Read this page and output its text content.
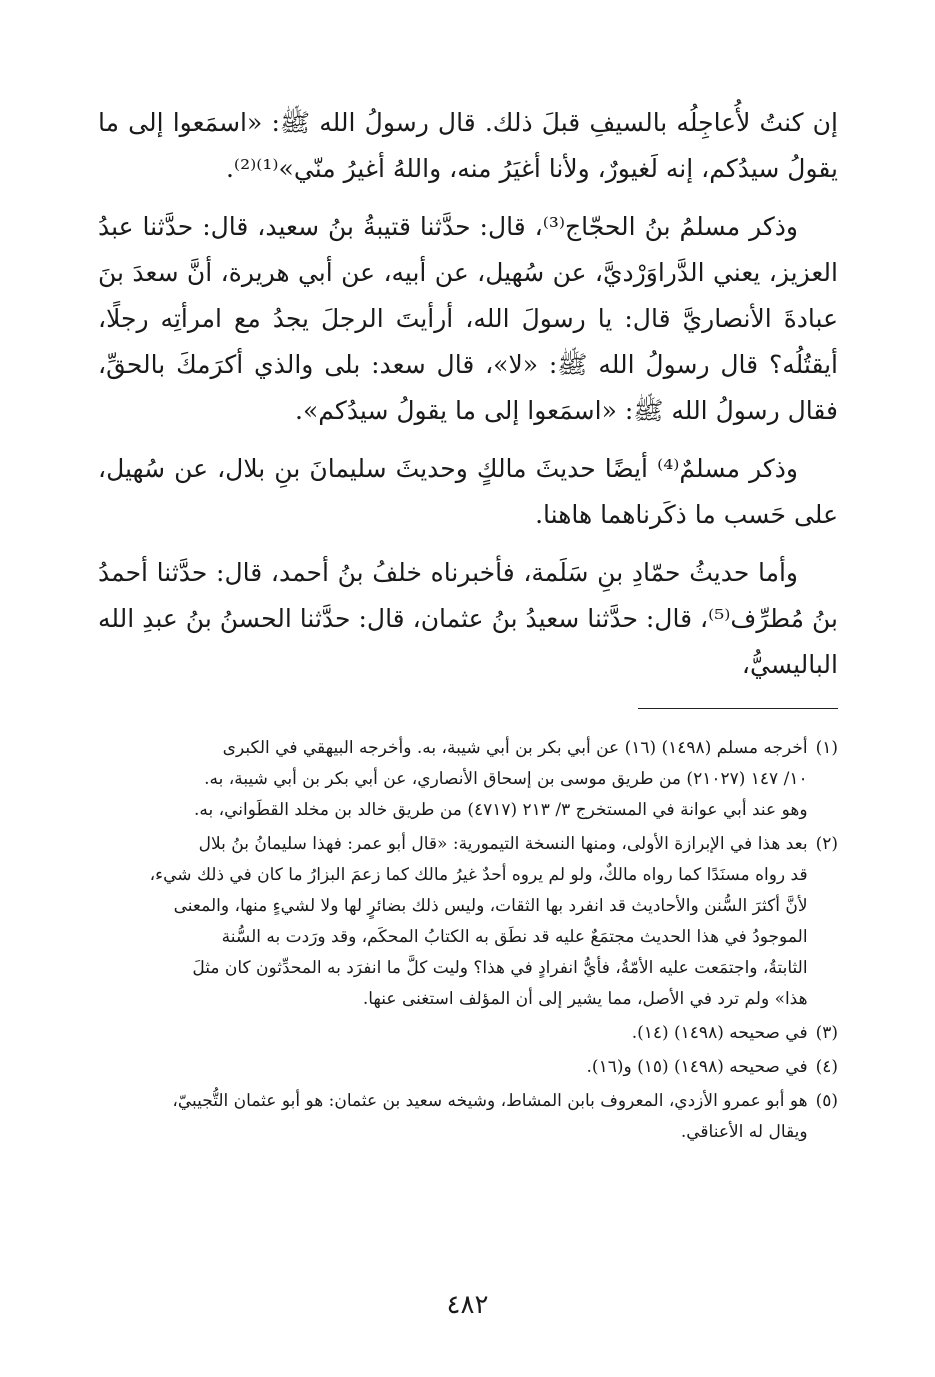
إن كنتُ لأُعاجِلُه بالسيفِ قبلَ ذلك. قال رسولُ الله ﷺ: «اسمَعوا إلى ما يقولُ سيدُكم، إنه لَغيورٌ، ولأنا أغيَرُ منه، واللهُ أغيرُ منّي»⁽¹⁾⁽²⁾.

وذكر مسلمُ بنُ الحجّاج⁽³⁾، قال: حدَّثنا قتيبةُ بنُ سعيد، قال: حدَّثنا عبدُ العزيز، يعني الدَّراوَرْديَّ، عن سُهيل، عن أبيه، عن أبي هريرة، أنَّ سعدَ بنَ عبادةَ الأنصاريَّ قال: يا رسولَ الله، أرأيتَ الرجلَ يجدُ مع امرأتِه رجلًا، أيقتُلُه؟ قال رسولُ الله ﷺ: «لا»، قال سعد: بلى والذي أكرَمكَ بالحقِّ، فقال رسولُ الله ﷺ: «اسمَعوا إلى ما يقولُ سيدُكم».

وذكر مسلمٌ⁽⁴⁾ أيضًا حديثَ مالكٍ وحديثَ سليمانَ بنِ بلال، عن سُهيل، على حَسب ما ذكَرناهما هاهنا.

وأما حديثُ حمّادِ بنِ سَلَمة، فأخبرناه خلفُ بنُ أحمد، قال: حدَّثنا أحمدُ بنُ مُطرِّف⁽⁵⁾، قال: حدَّثنا سعيدُ بنُ عثمان، قال: حدَّثنا الحسنُ بنُ عبدِ الله الباليسيُّ،

(١)
أخرجه مسلم (١٤٩٨) (١٦) عن أبي بكر بن أبي شيبة، به. وأخرجه البيهقي في الكبرى
١٠/ ١٤٧ (٢١٠٢٧) من طريق موسى بن إسحاق الأنصاري، عن أبي بكر بن أبي شيبة، به.
وهو عند أبي عوانة في المستخرج ٣/ ٢١٣ (٤٧١٧) من طريق خالد بن مخلد القطَواني، به.
(٢)
بعد هذا في الإبرازة الأولى، ومنها النسخة التيمورية: «قال أبو عمر: فهذا سليمانُ بنُ بلال
قد رواه مسنَدًا كما رواه مالكٌ، ولو لم يروه أحدٌ غيرُ مالك كما زعمَ البزارُ ما كان في ذلك شيء،
لأنَّ أكثرَ السُّنن والأحاديث قد انفرد بها الثقات، وليس ذلك بضائرٍ لها ولا لشيءٍ منها، والمعنى
الموجودُ في هذا الحديث مجتمَعٌ عليه قد نطَق به الكتابُ المحكَم، وقد ورَدت به السُّنة
الثابتةُ، واجتمَعت عليه الأمّةُ، فأيُّ انفرادٍ في هذا؟ وليت كلَّ ما انفرَد به المحدِّثون كان مثلَ
هذا» ولم ترد في الأصل، مما يشير إلى أن المؤلف استغنى عنها.
(٣)
في صحيحه (١٤٩٨) (١٤).
(٤)
في صحيحه (١٤٩٨) (١٥) و(١٦).
(٥)
هو أبو عمرو الأزدي، المعروف بابن المشاط، وشيخه سعيد بن عثمان: هو أبو عثمان التُّجيبيّ،
ويقال له الأعناقي.
٤٨٢
